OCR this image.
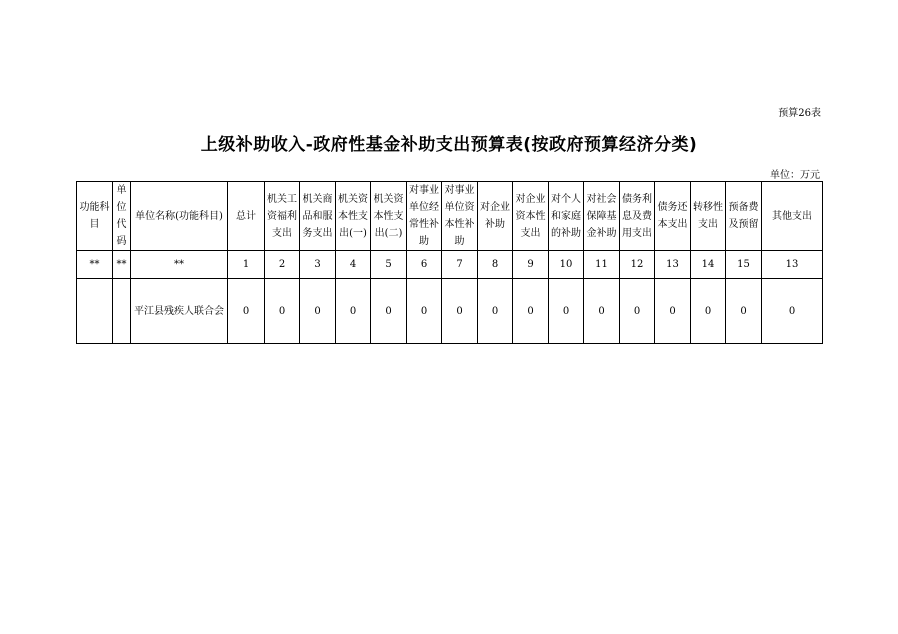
预算26表
上级补助收入-政府性基金补助支出预算表(按政府预算经济分类)
单位：万元
功能科目	单位代码	单位名称(功能科目)	总计	机关工资福利支出	机关商品和服务支出	机关资本性支出(一)	机关资本性支出(二)	对事业单位经常性补助	对事业单位资本性补助	对企业补助	对企业资本性支出	对个人和家庭的补助	对社会保障基金补助	债务利息及费用支出	债务还本支出	转移性支出	预备费及预留	其他支出
**	**	**	1	2	3	4	5	6	7	8	9	10	11	12	13	14	15	13
		平江县残疾人联合会	0	0	0	0	0	0	0	0	0	0	0	0	0	0	0	0
